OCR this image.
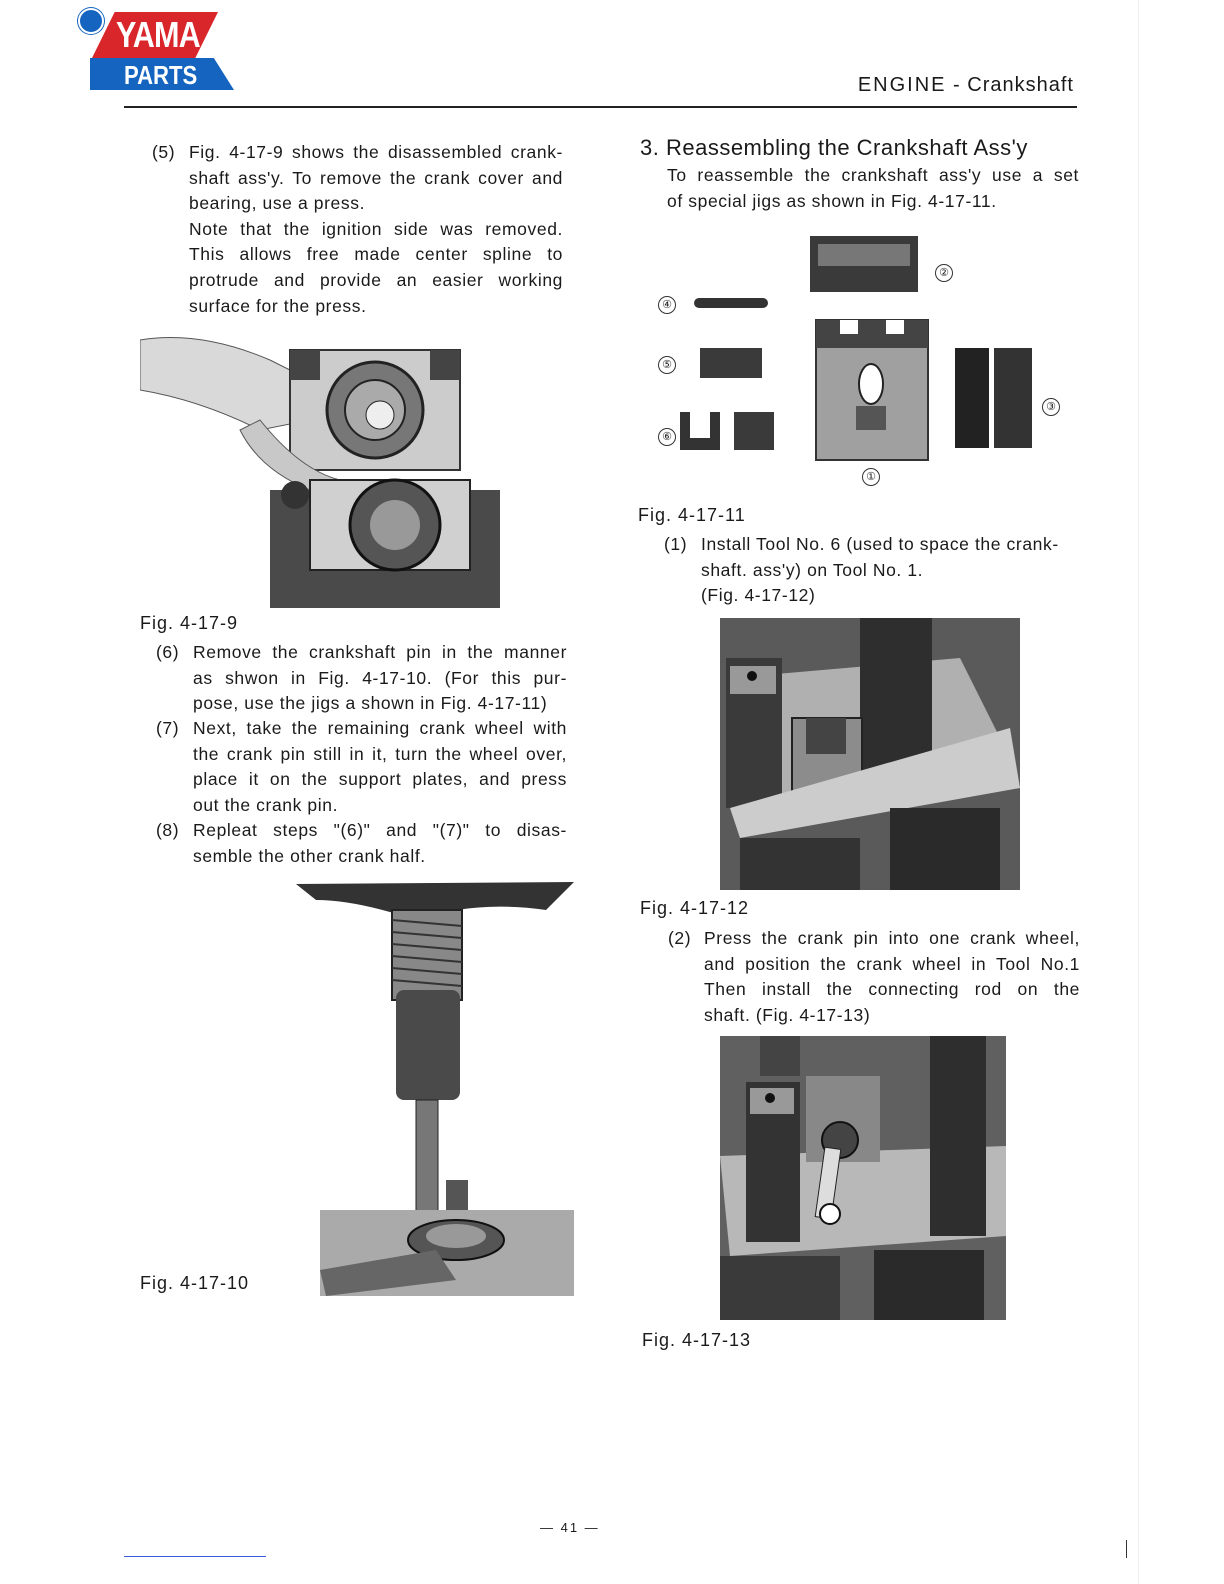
YAMA
PARTS	ENGINE - Crankshaft
(5) Fig. 4-17-9 shows the disassembled crank-
shaft ass'y. To remove the crank cover and
bearing, use a press.
Note that the ignition side was removed.
This allows free made center spline to
protrude and provide an easier working
surface for the press.
Fig. 4-17-9
(6) Remove the crankshaft pin in the manner
as shwon in Fig. 4-17-10. (For this pur-
pose, use the jigs a shown in Fig. 4-17-11)
(7) Next, take the remaining crank wheel with
the crank pin still in it, turn the wheel over,
place it on the support plates, and press
out the crank pin.
(8) Repleat steps "(6)" and "(7)" to disas-
semble the other crank half.
Fig. 4-17-10
3. Reassembling the Crankshaft Ass'y
To reassemble the crankshaft ass'y use a set
of special jigs as shown in Fig. 4-17-11.
②
④
⑤
⑥
③
①
Fig. 4-17-11
(1) Install Tool No. 6 (used to space the crank-
shaft. ass'y) on Tool No. 1.
(Fig. 4-17-12)
Fig. 4-17-12
(2) Press the crank pin into one crank wheel,
and position the crank wheel in Tool No.1
Then install the connecting rod on the
shaft. (Fig. 4-17-13)
Fig. 4-17-13
— 41 —
